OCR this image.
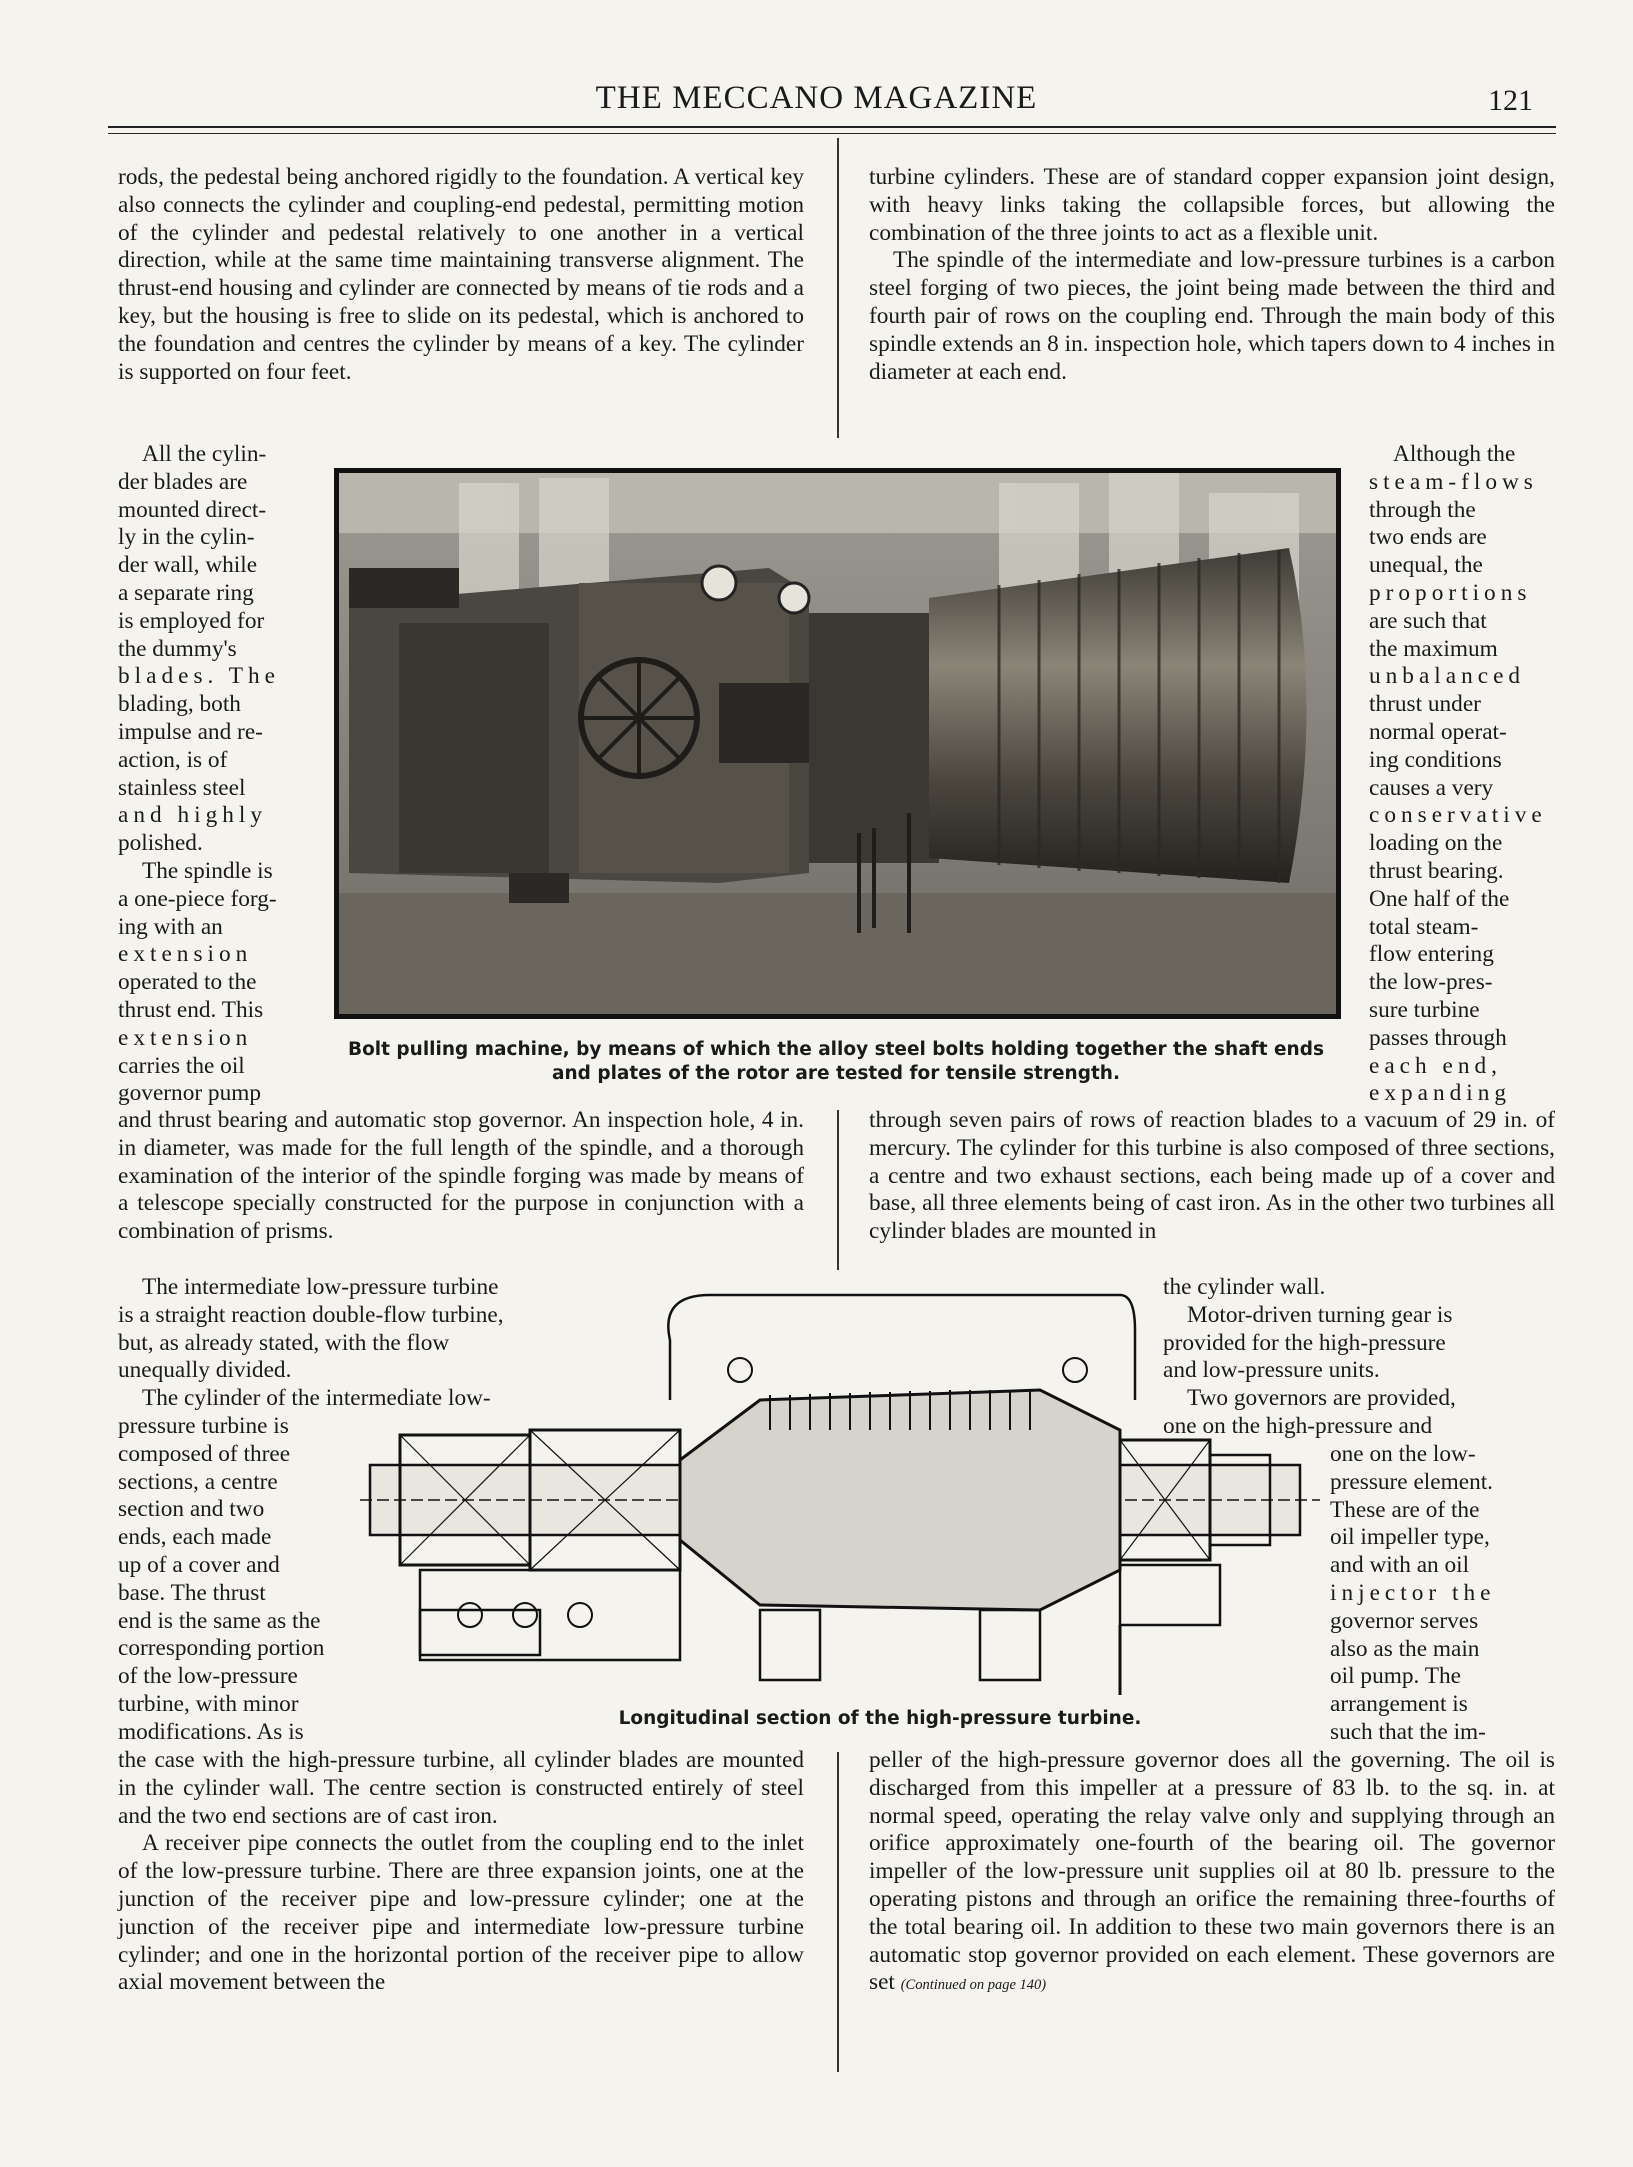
THE MECCANO MAGAZINE	121

rods, the pedestal being anchored rigidly to the foundation. A vertical key also connects the cylinder and coupling-end pedestal, permitting motion of the cylinder and pedestal relatively to one another in a vertical direction, while at the same time maintaining transverse alignment. The thrust-end housing and cylinder are connected by means of tie rods and a key, but the housing is free to slide on its pedestal, which is anchored to the foundation and centres the cylinder by means of a key. The cylinder is supported on four feet.

All the cylin-
der blades are
mounted direct-
ly in the cylin-
der wall, while
a separate ring
is employed for
the dummy's
blades. The
blading, both
impulse and re-
action, is of
stainless steel
and highly
polished.
The spindle is
a one-piece forg-
ing with an
extension
operated to the
thrust end. This
extension
carries the oil
governor pump
Bolt pulling machine, by means of which the alloy steel bolts holding together the shaft ends and plates of the rotor are tested for tensile strength.

turbine cylinders. These are of standard copper expansion joint design, with heavy links taking the collapsible forces, but allowing the combination of the three joints to act as a flexible unit.

The spindle of the intermediate and low-pressure turbines is a carbon steel forging of two pieces, the joint being made between the third and fourth pair of rows on the coupling end. Through the main body of this spindle extends an 8 in. inspection hole, which tapers down to 4 inches in diameter at each end.

Although the
steam-flows
through the
two ends are
unequal, the
proportions
are such that
the maximum
unbalanced
thrust under
normal operat-
ing conditions
causes a very
conservative
loading on the
thrust bearing.
One half of the
total steam-
flow entering
the low-pres-
sure turbine
passes through
each end,
expanding

and thrust bearing and automatic stop governor. An inspection hole, 4 in. in diameter, was made for the full length of the spindle, and a thorough examination of the interior of the spindle forging was made by means of a telescope specially constructed for the purpose in conjunction with a combination of prisms.

through seven pairs of rows of reaction blades to a vacuum of 29 in. of mercury. The cylinder for this turbine is also composed of three sections, a centre and two exhaust sections, each being made up of a cover and base, all three elements being of cast iron. As in the other two turbines all cylinder blades are mounted in

The intermediate low-pressure turbine
is a straight reaction double-flow turbine,
but, as already stated, with the flow
unequally divided.
The cylinder of the intermediate low-
pressure turbine is
composed of three
sections, a centre
section and two
ends, each made
up of a cover and
base. The thrust
end is the same as the
corresponding portion
of the low-pressure
turbine, with minor
modifications. As is
the cylinder wall.
Motor-driven turning gear is
provided for the high-pressure
and low-pressure units.
Two governors are provided,
one on the high-pressure and
one on the low-
pressure element.
These are of the
oil impeller type,
and with an oil
injector the
governor serves
also as the main
oil pump. The
arrangement is
such that the im-
Longitudinal section of the high-pressure turbine.

the case with the high-pressure turbine, all cylinder blades are mounted in the cylinder wall. The centre section is constructed entirely of steel and the two end sections are of cast iron.

A receiver pipe connects the outlet from the coupling end to the inlet of the low-pressure turbine. There are three expansion joints, one at the junction of the receiver pipe and low-pressure cylinder; one at the junction of the receiver pipe and intermediate low-pressure turbine cylinder; and one in the horizontal portion of the receiver pipe to allow axial movement between the

peller of the high-pressure governor does all the governing. The oil is discharged from this impeller at a pressure of 83 lb. to the sq. in. at normal speed, operating the relay valve only and supplying through an orifice approximately one-fourth of the bearing oil. The governor impeller of the low-pressure unit supplies oil at 80 lb. pressure to the operating pistons and through an orifice the remaining three-fourths of the total bearing oil. In addition to these two main governors there is an automatic stop governor provided on each element. These governors are set (Continued on page 140)
